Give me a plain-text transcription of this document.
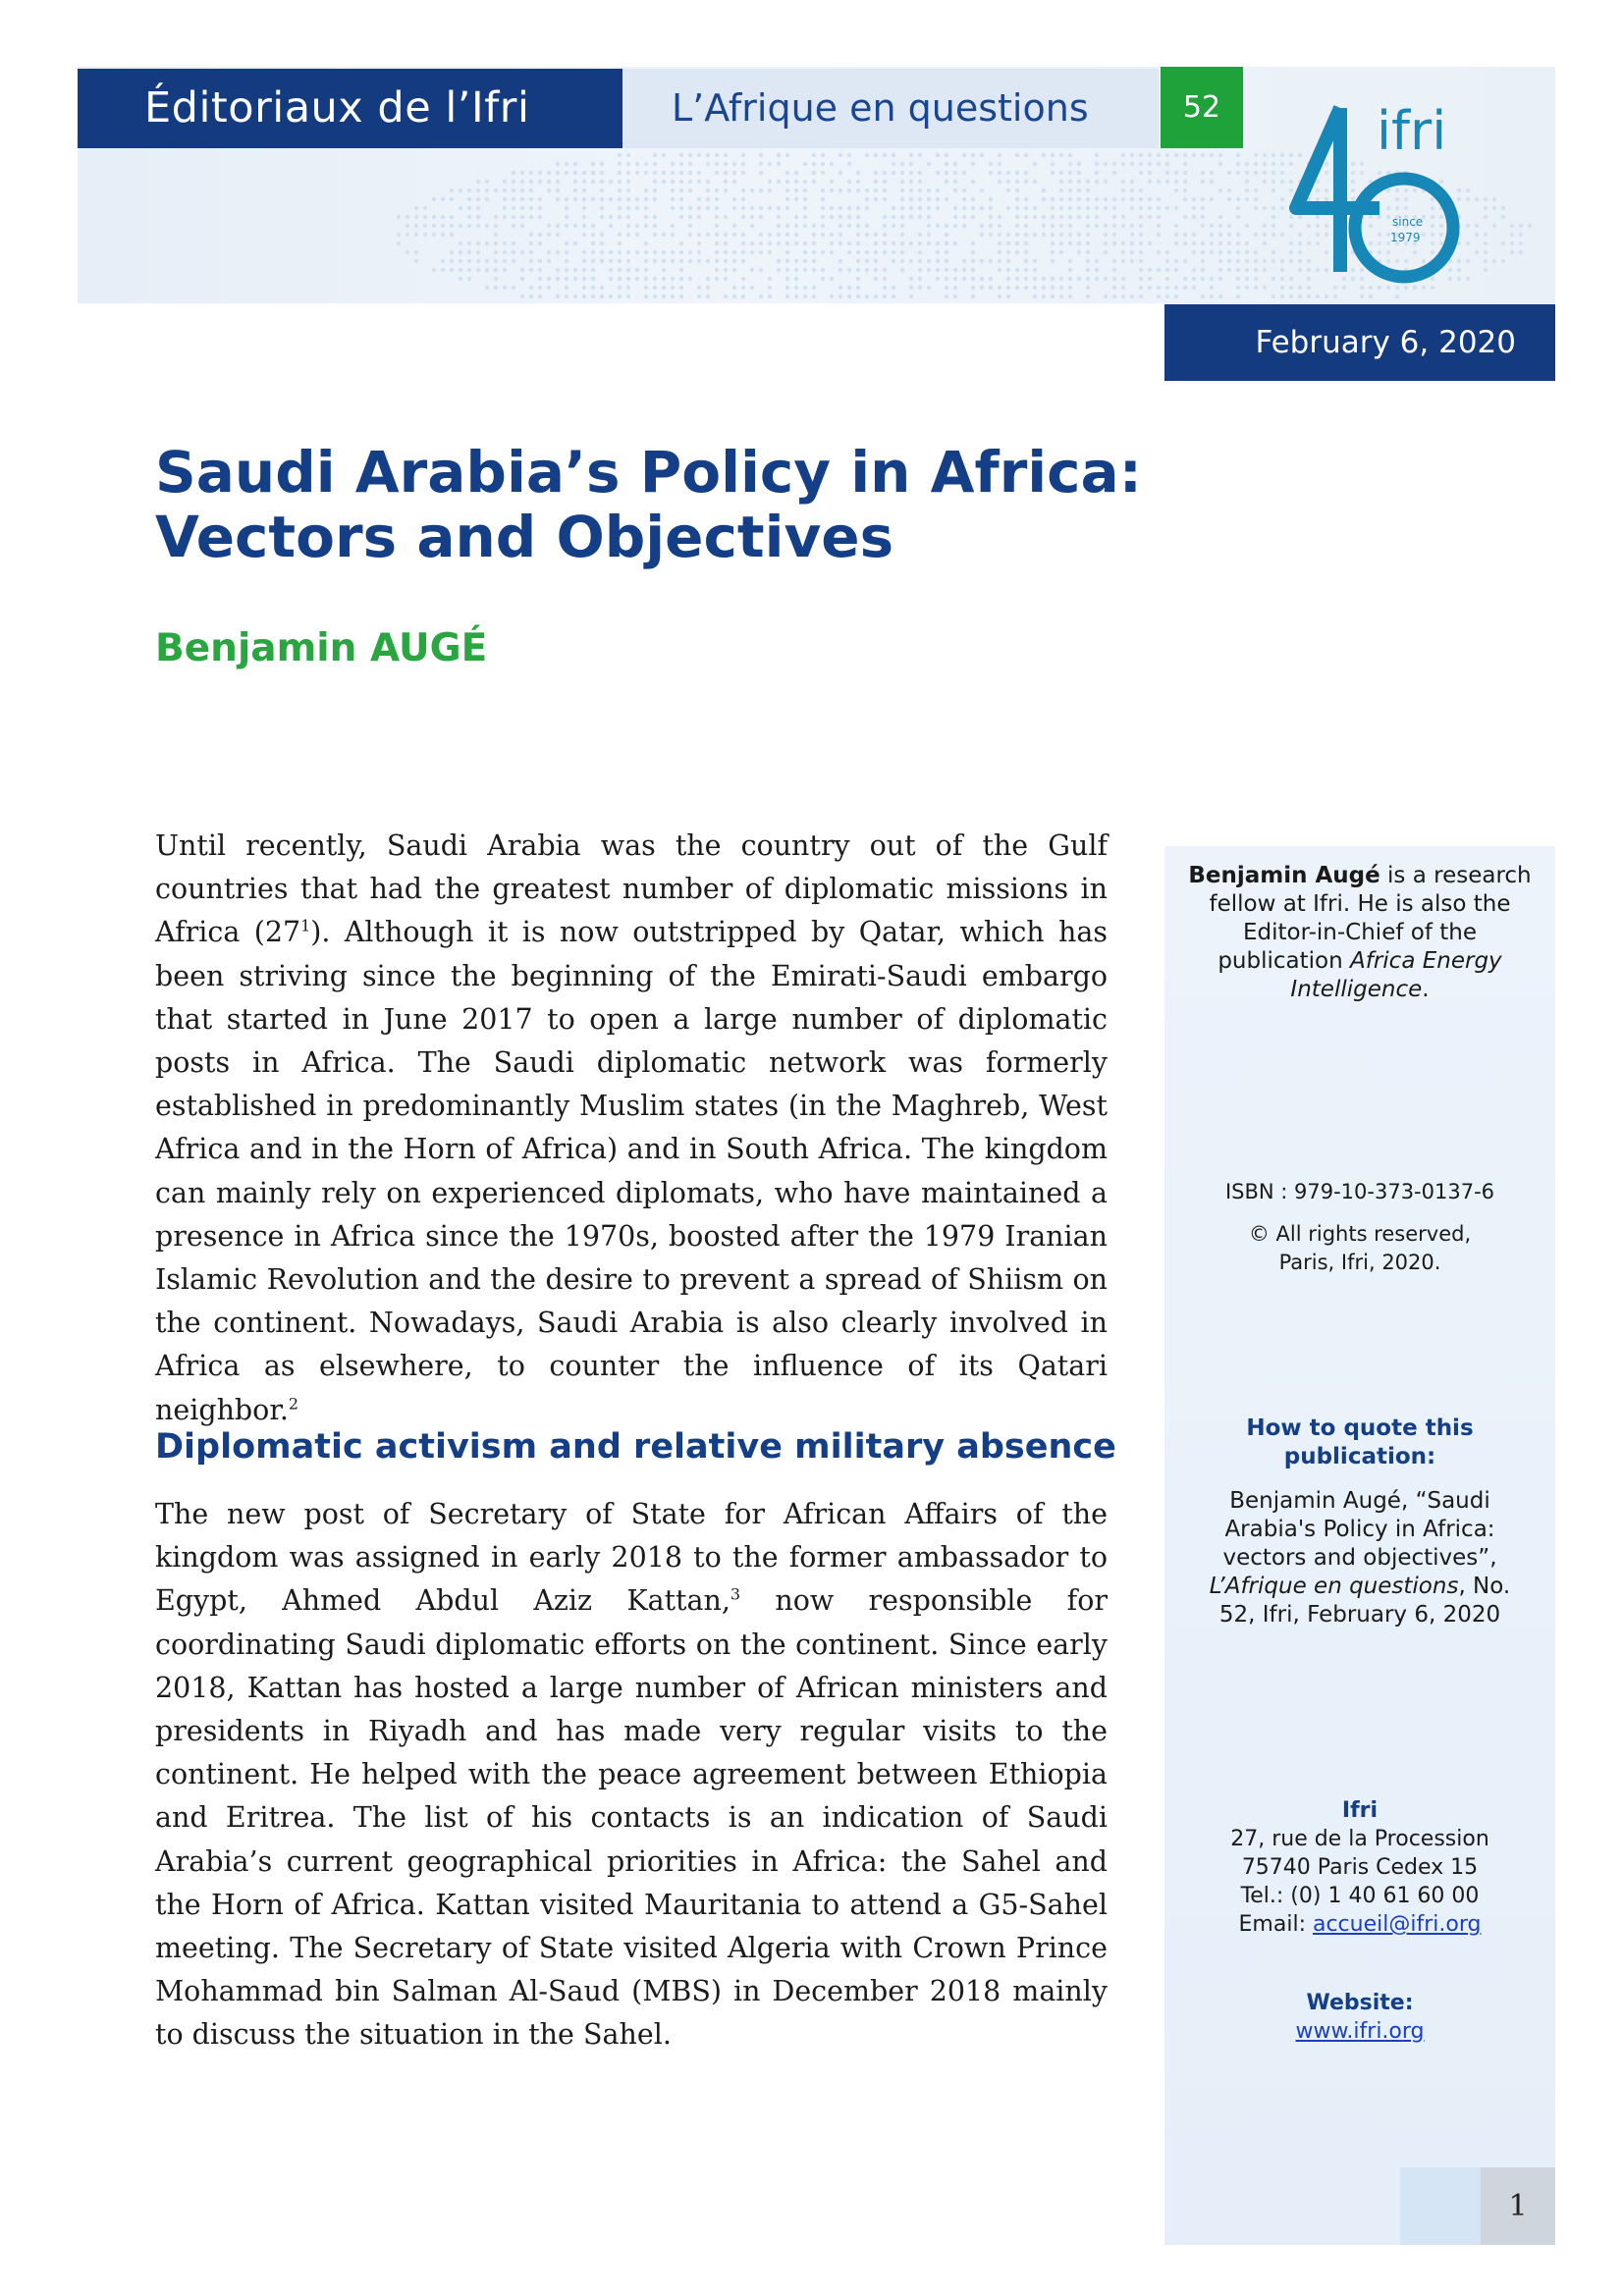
Éditoriaux de l’Ifri	L’Afrique en questions	52	ifri
since
1979
February 6, 2020
Saudi Arabia’s Policy in Africa:
Vectors and Objectives

Benjamin AUGÉ

Until recently, Saudi Arabia was the country out of the Gulf countries that had the greatest number of diplomatic missions in Africa $(27^1)$. Although it is now outstripped by Qatar, which has been striving since the beginning of the Emirati-Saudi embargo that started in June 2017 to open a large number of diplomatic posts in Africa. The Saudi diplomatic network was formerly established in predominantly Muslim states (in the Maghreb, West Africa and in the Horn of Africa) and in South Africa. The kingdom can mainly rely on experienced diplomats, who have maintained a presence in Africa since the 1970s, boosted after the 1979 Iranian Islamic Revolution and the desire to prevent a spread of Shiism on the continent. Nowadays, Saudi Arabia is also clearly involved in Africa as elsewhere, to counter the influence of its Qatari neighbor.$^2$

Diplomatic activism and relative military absence

The new post of Secretary of State for African Affairs of the kingdom was assigned in early 2018 to the former ambassador to Egypt, Ahmed Abdul Aziz Kattan,$^3$ now responsible for coordinating Saudi diplomatic efforts on the continent. Since early 2018, Kattan has hosted a large number of African ministers and presidents in Riyadh and has made very regular visits to the continent. He helped with the peace agreement between Ethiopia and Eritrea. The list of his contacts is an indication of Saudi Arabia’s current geographical priorities in Africa: the Sahel and the Horn of Africa. Kattan visited Mauritania to attend a G5-Sahel meeting. The Secretary of State visited Algeria with Crown Prince Mohammad bin Salman Al-Saud (MBS) in December 2018 mainly to discuss the situation in the Sahel.

Benjamin Augé is a research fellow at Ifri. He is also the Editor-in-Chief of the publication Africa Energy Intelligence.
ISBN : 979-10-373-0137-6
© All rights reserved,
Paris, Ifri, 2020.
How to quote this
publication:
Benjamin Augé, “Saudi Arabia's Policy in Africa: vectors and objectives”, L’Afrique en questions, No. 52, Ifri, February 6, 2020
Ifri
27, rue de la Procession
75740 Paris Cedex 15
Tel.: (0) 1 40 61 60 00
Email: accueil@ifri.org
Website:
www.ifri.org
1
